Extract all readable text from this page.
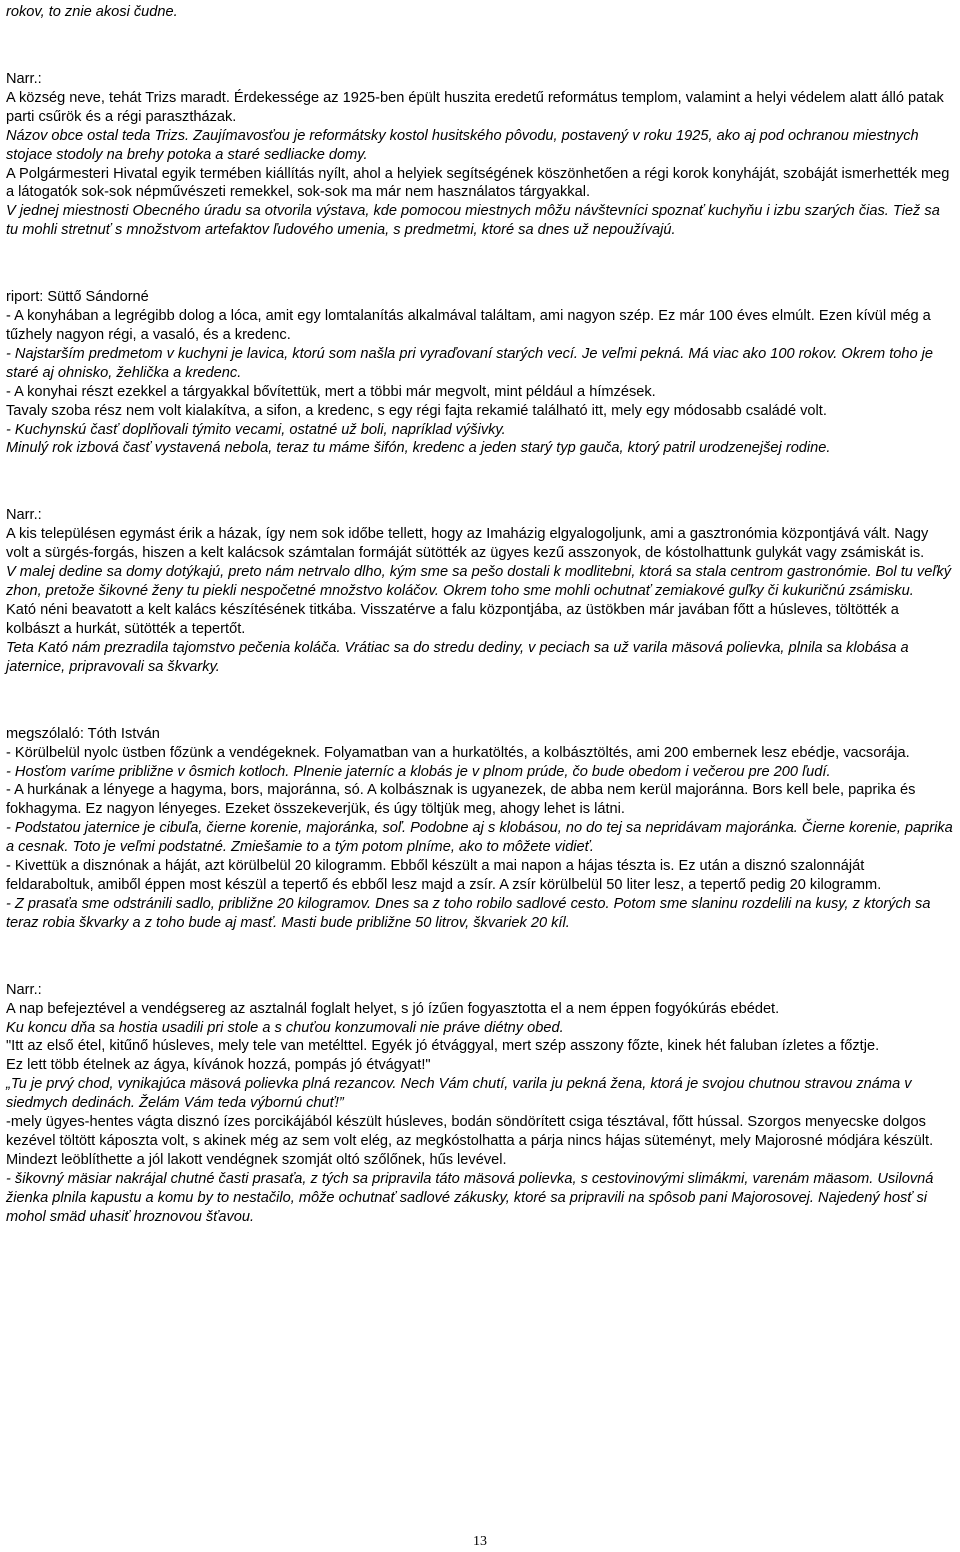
rokov, to znie akosi čudne.

Narr.:

A község neve, tehát Trizs maradt. Érdekessége az 1925-ben épült huszita eredetű református templom, valamint a helyi védelem alatt álló patak parti csűrök és a régi parasztházak.

Názov obce ostal teda Trizs. Zaujímavosťou je reformátsky kostol husitského pôvodu, postavený v roku 1925, ako aj pod ochranou miestnych stojace stodoly na brehy potoka a staré sedliacke domy.

A Polgármesteri Hivatal egyik termében kiállítás nyílt, ahol a helyiek segítségének köszönhetően a régi korok konyháját, szobáját ismerhették meg a látogatók sok-sok népművészeti remekkel, sok-sok ma már nem használatos tárgyakkal.

V jednej miestnosti Obecného úradu sa otvorila výstava, kde pomocou miestnych môžu návštevníci spoznať kuchyňu i izbu szarých čias. Tiež sa tu mohli stretnuť s množstvom artefaktov ľudového umenia, s predmetmi, ktoré sa dnes už nepoužívajú.

riport: Süttő Sándorné

- A konyhában a legrégibb dolog a lóca, amit egy lomtalanítás alkalmával találtam, ami nagyon szép. Ez már 100 éves elmúlt. Ezen kívül még a tűzhely nagyon régi, a vasaló, és a kredenc.

- Najstarším predmetom v kuchyni je lavica, ktorú som našla pri vyraďovaní starých vecí. Je veľmi pekná. Má viac ako 100 rokov. Okrem toho je staré aj ohnisko, žehlička a kredenc.

- A konyhai részt ezekkel a tárgyakkal bővítettük, mert a többi már megvolt, mint például a hímzések.

Tavaly szoba rész nem volt kialakítva, a sifon, a kredenc, s egy régi fajta rekamié található itt, mely egy módosabb családé volt.

- Kuchynskú časť doplňovali týmito vecami, ostatné už boli, napríklad výšivky.

Minulý rok izbová časť vystavená nebola, teraz tu máme šifón, kredenc a jeden starý typ gauča, ktorý patril urodzenejšej rodine.

Narr.:

A kis településen egymást érik a házak, így nem sok időbe tellett, hogy az Imaházig elgyalogoljunk, ami a gasztronómia központjává vált. Nagy volt a sürgés-forgás, hiszen a kelt kalácsok számtalan formáját sütötték az ügyes kezű asszonyok, de kóstolhattunk gulykát vagy zsámiskát is.

V malej dedine sa domy dotýkajú, preto nám netrvalo dlho, kým sme sa pešo dostali k modlitebni, ktorá sa stala centrom gastronómie. Bol tu veľký zhon, pretože šikovné ženy tu piekli nespočetné množstvo koláčov. Okrem toho sme mohli ochutnať zemiakové guľky či kukuričnú zsámisku.

Kató néni beavatott a kelt kalács készítésének titkába. Visszatérve a falu központjába, az üstökben már javában főtt a húsleves, töltötték a kolbászt a hurkát, sütötték a tepertőt.

Teta Kató nám prezradila tajomstvo pečenia koláča. Vrátiac sa do stredu dediny, v peciach sa už varila mäsová polievka, plnila sa klobása a jaternice, pripravovali sa škvarky.

megszólaló: Tóth István

- Körülbelül nyolc üstben főzünk a vendégeknek. Folyamatban van a hurkatöltés, a kolbásztöltés, ami 200 embernek lesz ebédje, vacsorája.

- Hosťom varíme približne v ôsmich kotloch. Plnenie jaterníc a klobás je v plnom prúde, čo bude obedom i večerou pre 200 ľudí.

- A hurkának a lényege a hagyma, bors, majoránna, só. A kolbásznak is ugyanezek, de abba nem kerül majoránna. Bors kell bele, paprika és fokhagyma. Ez nagyon lényeges. Ezeket összekeverjük, és úgy töltjük meg, ahogy lehet is látni.

- Podstatou jaternice je cibuľa, čierne korenie, majoránka, soľ. Podobne aj s klobásou, no do tej sa nepridávam majoránka. Čierne korenie, paprika a cesnak. Toto je veľmi podstatné. Zmiešamie to a tým potom plníme, ako to môžete vidieť.

- Kivettük a disznónak a háját, azt körülbelül 20 kilogramm. Ebből készült a mai napon a hájas tészta is. Ez után a disznó szalonnáját feldaraboltuk, amiből éppen most készül a tepertő és ebből lesz majd a zsír. A zsír körülbelül 50 liter lesz, a tepertő pedig 20 kilogramm.

- Z prasaťa sme odstránili sadlo, približne 20 kilogramov. Dnes sa z toho robilo sadlové cesto. Potom sme slaninu rozdelili na kusy, z ktorých sa teraz robia škvarky a z toho bude aj masť. Masti bude približne 50 litrov, škvariek 20 kíl.

Narr.:

A nap befejeztével a vendégsereg az asztalnál foglalt helyet, s jó ízűen fogyasztotta el a nem éppen fogyókúrás ebédet.

Ku koncu dňa sa hostia usadili pri stole a s chuťou konzumovali nie práve diétny obed.

"Itt az első étel, kitűnő húsleves, mely tele van metélttel. Egyék jó étvággyal, mert szép asszony főzte, kinek hét faluban ízletes a főztje.

Ez lett több ételnek az ágya, kívánok hozzá, pompás jó étvágyat!"

„Tu je prvý chod, vynikajúca mäsová polievka plná rezancov. Nech Vám chutí, varila ju pekná žena, ktorá je svojou chutnou stravou známa v siedmych dedinách. Želám Vám teda výbornú chuť!”

-mely ügyes-hentes vágta disznó ízes porcikájából készült húsleves, bodán söndörített csiga tésztával, főtt hússal. Szorgos menyecske dolgos kezével töltött káposzta volt, s akinek még az sem volt elég, az megkóstolhatta a párja nincs hájas süteményt, mely Majorosné módjára készült. Mindezt leöblíthette a jól lakott vendégnek szomját oltó szőlőnek, hűs levével.

- šikovný mäsiar nakrájal chutné časti prasaťa, z tých sa pripravila táto mäsová polievka, s cestovinovými slimákmi, varenám mäasom. Usilovná žienka plnila kapustu a komu by to nestačilo, môže ochutnať sadlové zákusky, ktoré sa pripravili na spôsob pani Majorosovej. Najedený hosť si mohol smäd uhasiť hroznovou šťavou.

13
